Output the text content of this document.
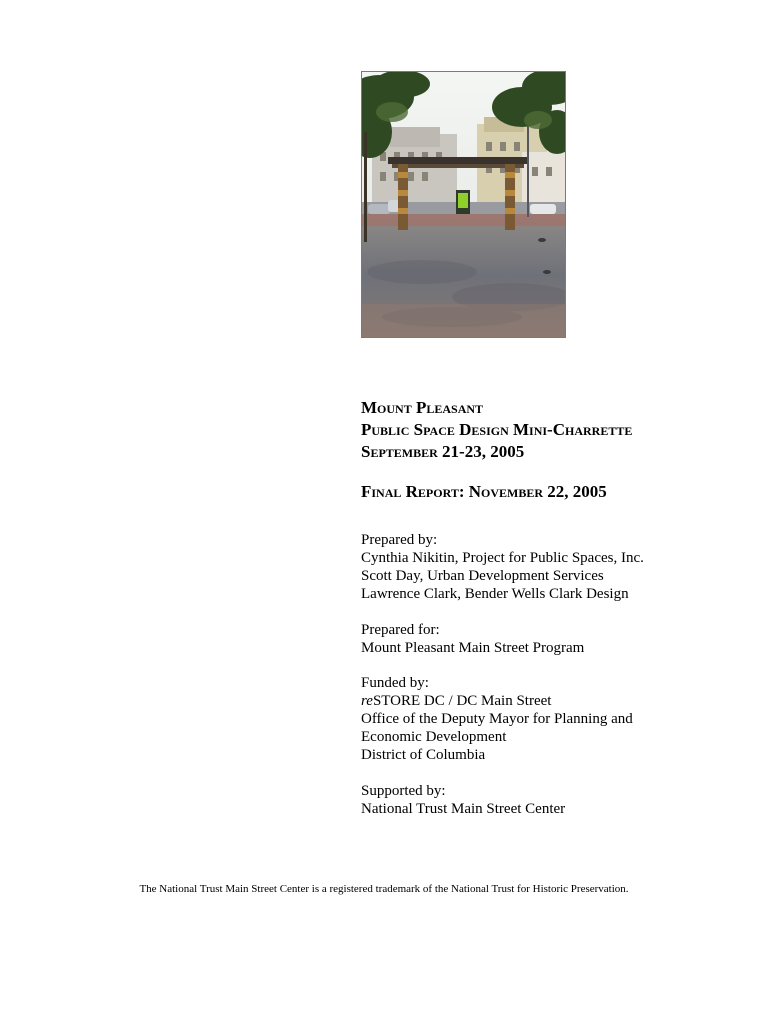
Mount Pleasant
Public Space Design Mini-Charrette
September 21-23, 2005
Final Report: November 22, 2005
Prepared by:
Cynthia Nikitin, Project for Public Spaces, Inc.
Scott Day, Urban Development Services
Lawrence Clark, Bender Wells Clark Design
Prepared for:
Mount Pleasant Main Street Program
Funded by:
reSTORE DC / DC Main Street
Office of the Deputy Mayor for Planning and
Economic Development
District of Columbia
Supported by:
National Trust Main Street Center
The National Trust Main Street Center is a registered trademark of the National Trust for Historic Preservation.
